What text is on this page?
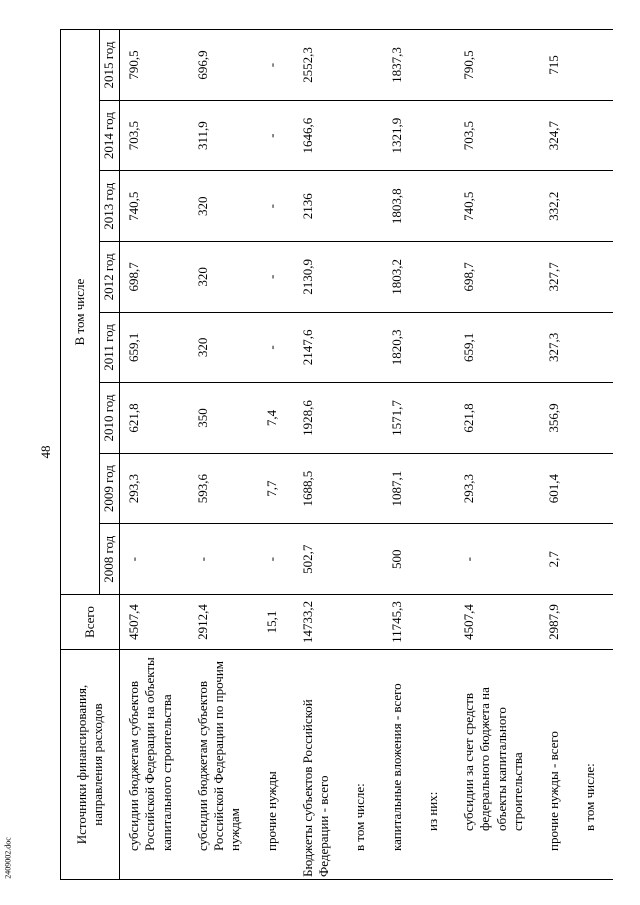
48
2409002.doc
Источники финансирования, направления расходов	Всего	В том числе							
		2008 год	2009 год	2010 год	2011 год	2012 год	2013 год	2014 год	2015 год
субсидии бюджетам субъектов Российской Федерации на объекты капитального строительства	4507,4	-	293,3	621,8	659,1	698,7	740,5	703,5	790,5
субсидии бюджетам субъектов Российской Федерации по прочим нуждам	2912,4	-	593,6	350	320	320	320	311,9	696,9
прочие нужды	15,1	-	7,7	7,4	-	-	-	-	-
Бюджеты субъектов Российской Федерации - всего	14733,2	502,7	1688,5	1928,6	2147,6	2130,9	2136	1646,6	2552,3
в том числе:									
капитальные вложения - всего	11745,3	500	1087,1	1571,7	1820,3	1803,2	1803,8	1321,9	1837,3
из них:									
субсидии за счет средств федерального бюджета на объекты капитального строительства	4507,4	-	293,3	621,8	659,1	698,7	740,5	703,5	790,5
прочие нужды - всего	2987,9	2,7	601,4	356,9	327,3	327,7	332,2	324,7	715
в том числе:									
